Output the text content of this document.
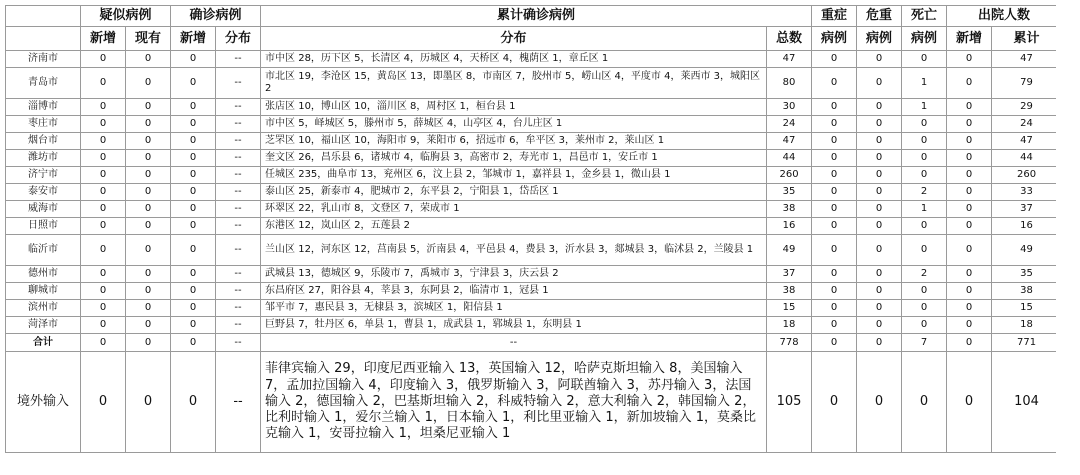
	疑似病例		确诊病例		累计确诊病例		重症	危重	死亡	出院人数	
	新增	现有	新增	分布	分布	总数	病例	病例	病例	新增	累计
济南市	0	0	0	--	市中区 28，历下区 5，长清区 4，历城区 4，天桥区 4，槐荫区 1，章丘区 1	47	0	0	0	0	47
青岛市	0	0	0	--	市北区 19，李沧区 15，黄岛区 13，即墨区 8，市南区 7，胶州市 5，崂山区 4，平度市 4，莱西市 3，城阳区 2	80	0	0	1	0	79
淄博市	0	0	0	--	张店区 10，博山区 10，淄川区 8，周村区 1，桓台县 1	30	0	0	1	0	29
枣庄市	0	0	0	--	市中区 5，峄城区 5，滕州市 5，薛城区 4，山亭区 4，台儿庄区 1	24	0	0	0	0	24
烟台市	0	0	0	--	芝罘区 10，福山区 10，海阳市 9，莱阳市 6，招远市 6，牟平区 3，莱州市 2，莱山区 1	47	0	0	0	0	47
潍坊市	0	0	0	--	奎文区 26，昌乐县 6，诸城市 4，临朐县 3，高密市 2，寿光市 1，昌邑市 1，安丘市 1	44	0	0	0	0	44
济宁市	0	0	0	--	任城区 235，曲阜市 13，兖州区 6，汶上县 2，邹城市 1，嘉祥县 1，金乡县 1，微山县 1	260	0	0	0	0	260
泰安市	0	0	0	--	泰山区 25，新泰市 4，肥城市 2，东平县 2，宁阳县 1，岱岳区 1	35	0	0	2	0	33
威海市	0	0	0	--	环翠区 22，乳山市 8，文登区 7，荣成市 1	38	0	0	1	0	37
日照市	0	0	0	--	东港区 12，岚山区 2，五莲县 2	16	0	0	0	0	16
临沂市	0	0	0	--	兰山区 12，河东区 12，莒南县 5，沂南县 4，平邑县 4，费县 3，沂水县 3，郯城县 3，临沭县 2，兰陵县 1	49	0	0	0	0	49
德州市	0	0	0	--	武城县 13，德城区 9，乐陵市 7，禹城市 3，宁津县 3，庆云县 2	37	0	0	2	0	35
聊城市	0	0	0	--	东昌府区 27，阳谷县 4，莘县 3，东阿县 2，临清市 1，冠县 1	38	0	0	0	0	38
滨州市	0	0	0	--	邹平市 7，惠民县 3，无棣县 3，滨城区 1，阳信县 1	15	0	0	0	0	15
菏泽市	0	0	0	--	巨野县 7，牡丹区 6，单县 1，曹县 1，成武县 1，郓城县 1，东明县 1	18	0	0	0	0	18
合计	0	0	0	--	--	778	0	0	7	0	771
境外输入	0	0	0	--	菲律宾输入 29，印度尼西亚输入 13，英国输入 12，哈萨克斯坦输入 8，美国输入 7，孟加拉国输入 4，印度输入 3，俄罗斯输入 3，阿联酋输入 3，苏丹输入 3，法国输入 2，德国输入 2，巴基斯坦输入 2，科威特输入 2，意大利输入 2，韩国输入 2，比利时输入 1，爱尔兰输入 1，日本输入 1，利比里亚输入 1，新加坡输入 1，莫桑比克输入 1，安哥拉输入 1，坦桑尼亚输入 1	105	0	0	0	0	104
